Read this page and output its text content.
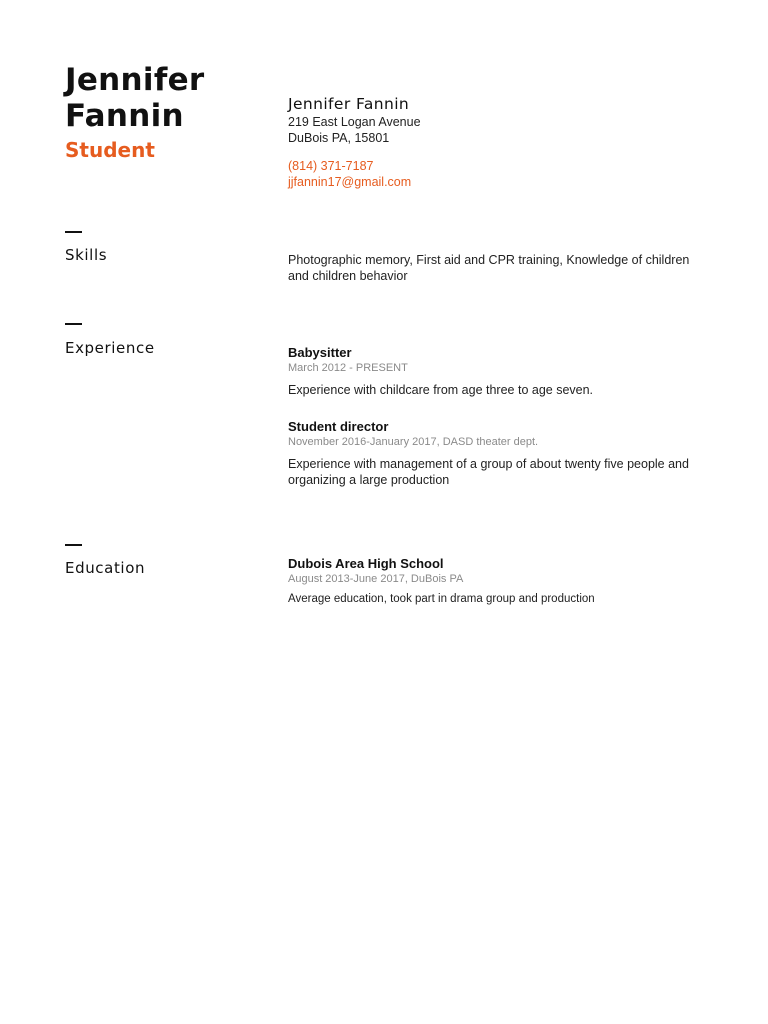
Jennifer
Fannin
Student
Jennifer Fannin
219 East Logan Avenue
DuBois PA, 15801
(814) 371-7187
jjfannin17@gmail.com
Skills	Photographic memory, First aid and CPR training, Knowledge of children and children behavior
Experience	Babysitter
March 2012 - PRESENT
Experience with childcare from age three to age seven.
Student director
November 2016-January 2017, DASD theater dept.
Experience with management of a group of about twenty five people and organizing a large production
Education	Dubois Area High School
August 2013-June 2017, DuBois PA
Average education, took part in drama group and production
